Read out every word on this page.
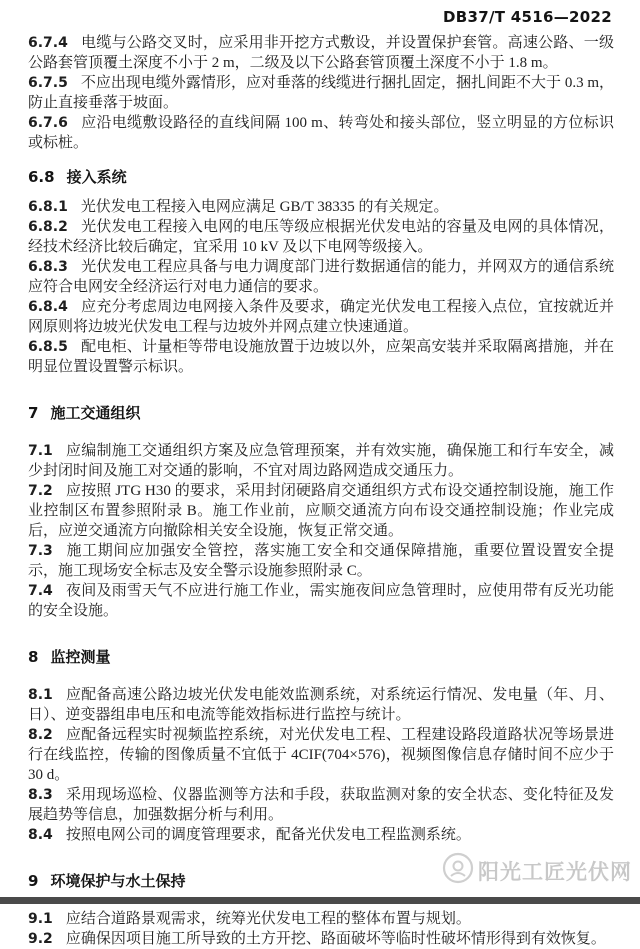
DB37/T 4516—2022

6.7.4 电缆与公路交叉时，应采用非开挖方式敷设，并设置保护套管。高速公路、一级公路套管顶覆土深度不小于 2 m，二级及以下公路套管顶覆土深度不小于 1.8 m。

6.7.5 不应出现电缆外露情形，应对垂落的线缆进行捆扎固定，捆扎间距不大于 0.3 m，防止直接垂落于坡面。

6.7.6 应沿电缆敷设路径的直线间隔 100 m、转弯处和接头部位，竖立明显的方位标识或标桩。

6.8 接入系统

6.8.1 光伏发电工程接入电网应满足 GB/T 38335 的有关规定。

6.8.2 光伏发电工程接入电网的电压等级应根据光伏发电站的容量及电网的具体情况，经技术经济比较后确定，宜采用 10 kV 及以下电网等级接入。

6.8.3 光伏发电工程应具备与电力调度部门进行数据通信的能力，并网双方的通信系统应符合电网安全经济运行对电力通信的要求。

6.8.4 应充分考虑周边电网接入条件及要求，确定光伏发电工程接入点位，宜按就近并网原则将边坡光伏发电工程与边坡外并网点建立快速通道。

6.8.5 配电柜、计量柜等带电设施放置于边坡以外，应架高安装并采取隔离措施，并在明显位置设置警示标识。

7 施工交通组织

7.1 应编制施工交通组织方案及应急管理预案，并有效实施，确保施工和行车安全，减少封闭时间及施工对交通的影响，不宜对周边路网造成交通压力。

7.2 应按照 JTG H30 的要求，采用封闭硬路肩交通组织方式布设交通控制设施，施工作业控制区布置参照附录 B。施工作业前，应顺交通流方向布设交通控制设施；作业完成后，应逆交通流方向撤除相关安全设施，恢复正常交通。

7.3 施工期间应加强安全管控，落实施工安全和交通保障措施，重要位置设置安全提示，施工现场安全标志及安全警示设施参照附录 C。

7.4 夜间及雨雪天气不应进行施工作业，需实施夜间应急管理时，应使用带有反光功能的安全设施。

8 监控测量

8.1 应配备高速公路边坡光伏发电能效监测系统，对系统运行情况、发电量（年、月、日）、逆变器组串电压和电流等能效指标进行监控与统计。

8.2 应配备远程实时视频监控系统，对光伏发电工程、工程建设路段道路状况等场景进行在线监控，传输的图像质量不宜低于 4CIF(704×576)，视频图像信息存储时间不应少于 30 d。

8.3 采用现场巡检、仪器监测等方法和手段，获取监测对象的安全状态、变化特征及发展趋势等信息，加强数据分析与利用。

8.4 按照电网公司的调度管理要求，配备光伏发电工程监测系统。

9 环境保护与水土保持

9.1 应结合道路景观需求，统筹光伏发电工程的整体布置与规划。

9.2 应确保因项目施工所导致的土方开挖、路面破坏等临时性破坏情形得到有效恢复。

阳光工匠光伏网
